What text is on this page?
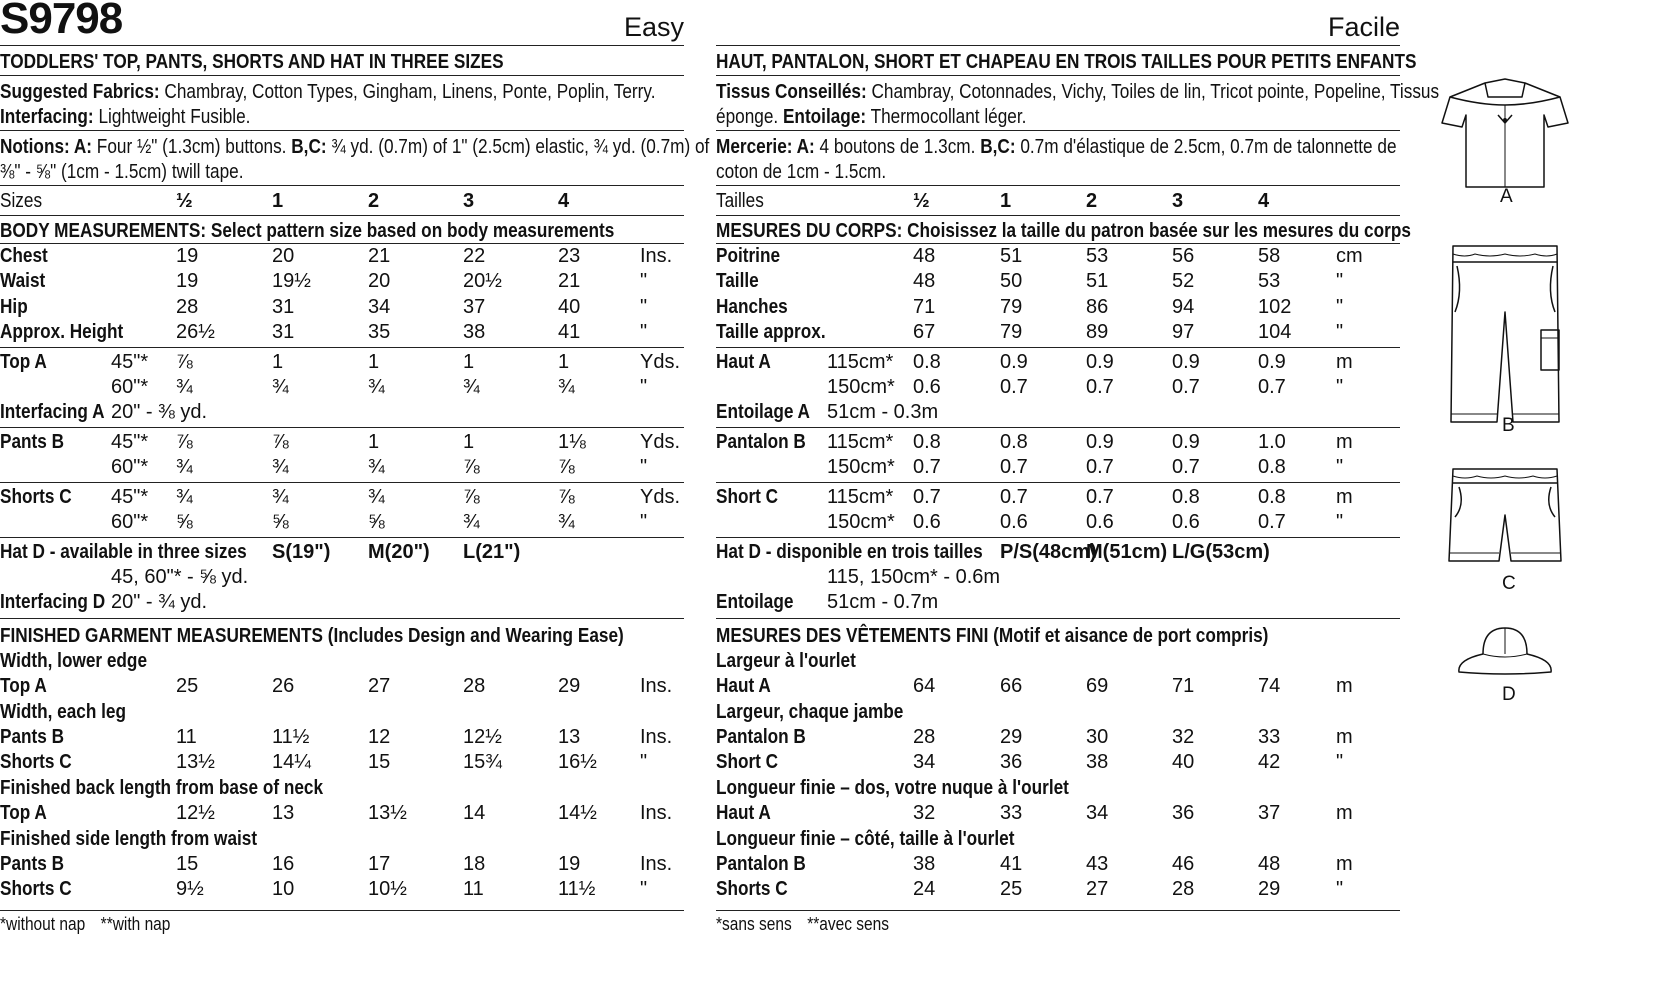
S9798	Easy
TODDLERS' TOP, PANTS, SHORTS AND HAT IN THREE SIZES
Suggested Fabrics: Chambray, Cotton Types, Gingham, Linens, Ponte, Poplin, Terry.
Interfacing: Lightweight Fusible.
Notions: A: Four ½" (1.3cm) buttons. B,C: ¾ yd. (0.7m) of 1" (2.5cm) elastic, ¾ yd. (0.7m) of
⅜" - ⅝" (1cm - 1.5cm) twill tape.
Sizes	½	1	2	3	4
BODY MEASUREMENTS: Select pattern size based on body measurements
Chest	19	20	21	22	23	Ins.
Waist	19	19½	20	20½	21	"
Hip	28	31	34	37	40	"
Approx. Height	26½	31	35	38	41	"
Top A	45"* ⅞	1	1	1	1	Yds.
60"* ¾	¾	¾	¾	¾	"
Interfacing A 20" - ⅜ yd.
Pants B 45"* ⅞	⅞	1	1	1⅛	Yds.
60"* ¾	¾	¾	⅞	⅞	"
Shorts C 45"* ¾	¾	¾	⅞	⅞	Yds.
60"* ⅝	⅝	⅝	¾	¾	"
Hat D - available in three sizes S(19") M(20") L(21")
45, 60"* - ⅝ yd.
Interfacing D 20" - ¾ yd.
FINISHED GARMENT MEASUREMENTS (Includes Design and Wearing Ease)
Width, lower edge
Top A	25	26	27	28	29	Ins.
Width, each leg
Pants B	11	11½	12	12½	13	Ins.
Shorts C	13½	14¼	15	15¾	16½ "
Finished back length from base of neck
Top A	12½	13	13½	14	14½ Ins.
Finished side length from waist
Pants B	15	16	17	18	19	Ins.
Shorts C	9½	10	10½	11	11½ "
*without nap **with nap
Facile
HAUT, PANTALON, SHORT ET CHAPEAU EN TROIS TAILLES POUR PETITS ENFANTS
Tissus Conseillés: Chambray, Cotonnades, Vichy, Toiles de lin, Tricot pointe, Popeline, Tissus
éponge. Entoilage: Thermocollant léger.
Mercerie: A: 4 boutons de 1.3cm. B,C: 0.7m d'élastique de 2.5cm, 0.7m de talonnette de
coton de 1cm - 1.5cm.
Tailles	½	1	2	3	4
MESURES DU CORPS: Choisissez la taille du patron basée sur les mesures du corps
Poitrine	48	51	53	56	58	cm
Taille	48	50	51	52	53	"
Hanches	71	79	86	94	102 "
Taille approx.	67	79	89	97	104 "
Haut A	115cm* 0.8	0.9	0.9	0.9	0.9	m
150cm* 0.6	0.7	0.7	0.7	0.7	"
Entoilage A 51cm - 0.3m
Pantalon B 115cm* 0.8	0.8	0.9	0.9	1.0	m
150cm* 0.7	0.7	0.7	0.7	0.8	"
Short C 115cm* 0.7	0.7	0.7	0.8	0.8	m
150cm* 0.6	0.6	0.6	0.6	0.7	"
Hat D - disponible en trois tailles P/S(48cm)
M(51cm) L/G(53cm)
115, 150cm* - 0.6m
Entoilage 51cm - 0.7m
MESURES DES VÊTEMENTS FINI (Motif et aisance de port compris)
Largeur à l'ourlet
Haut A	64	66	69	71	74	m
Largeur, chaque jambe
Pantalon B	28	29	30	32	33	m
Short C	34	36	38	40	42	"
Longueur finie – dos, votre nuque à l'ourlet
Haut A	32	33	34	36	37	m
Longueur finie – côté, taille à l'ourlet
Pantalon B	38	41	43	46	48	m
Shorts C	24	25	27	28	29	"
*sans sens **avec sens
A
B
C
D
